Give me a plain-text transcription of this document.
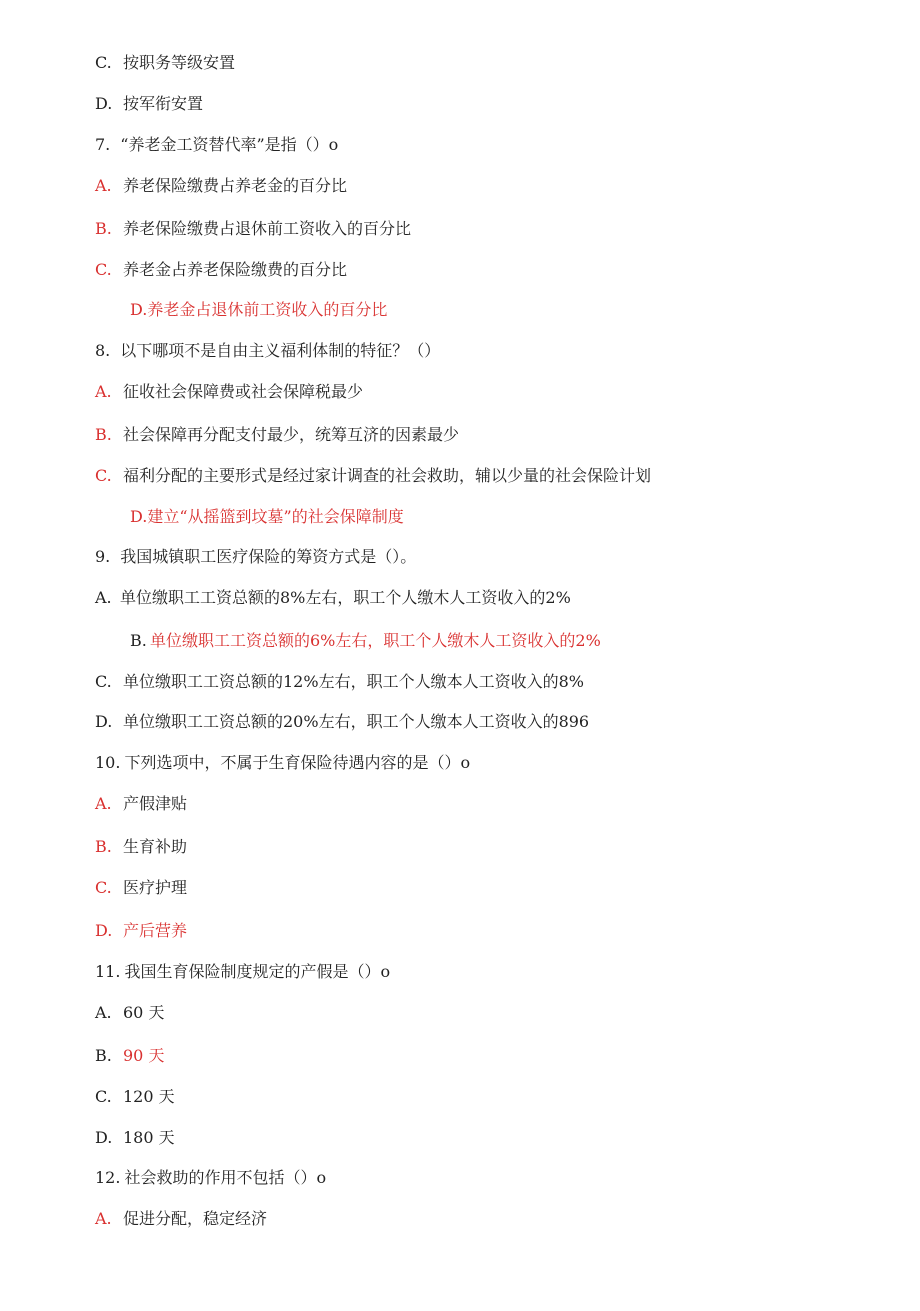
C. 按职务等级安置
D. 按军衔安置
7. “养老金工资替代率”是指（）o
A. 养老保险缴费占养老金的百分比
B. 养老保险缴费占退休前工资收入的百分比
C. 养老金占养老保险缴费的百分比
D.养老金占退休前工资收入的百分比
8. 以下哪项不是自由主义福利体制的特征？（）
A. 征收社会保障费或社会保障税最少
B. 社会保障再分配支付最少，统筹互济的因素最少
C. 福利分配的主要形式是经过家计调查的社会救助，辅以少量的社会保险计划
D.建立“从摇篮到坟墓”的社会保障制度
9. 我国城镇职工医疗保险的筹资方式是（）。
A. 单位缴职工工资总额的8%左右，职工个人缴木人工资收入的2%
B. 单位缴职工工资总额的6%左右，职工个人缴木人工资收入的2%
C. 单位缴职工工资总额的12%左右，职工个人缴本人工资收入的8%
D. 单位缴职工工资总额的20%左右，职工个人缴本人工资收入的896
10. 下列选项中，不属于生育保险待遇内容的是（）o
A. 产假津贴
B. 生育补助
C. 医疗护理
D. 产后营养
11. 我国生育保险制度规定的产假是（）o
A. 60 天
B. 90 天
C. 120 天
D. 180 天
12. 社会救助的作用不包括（）o
A. 促进分配，稳定经济
